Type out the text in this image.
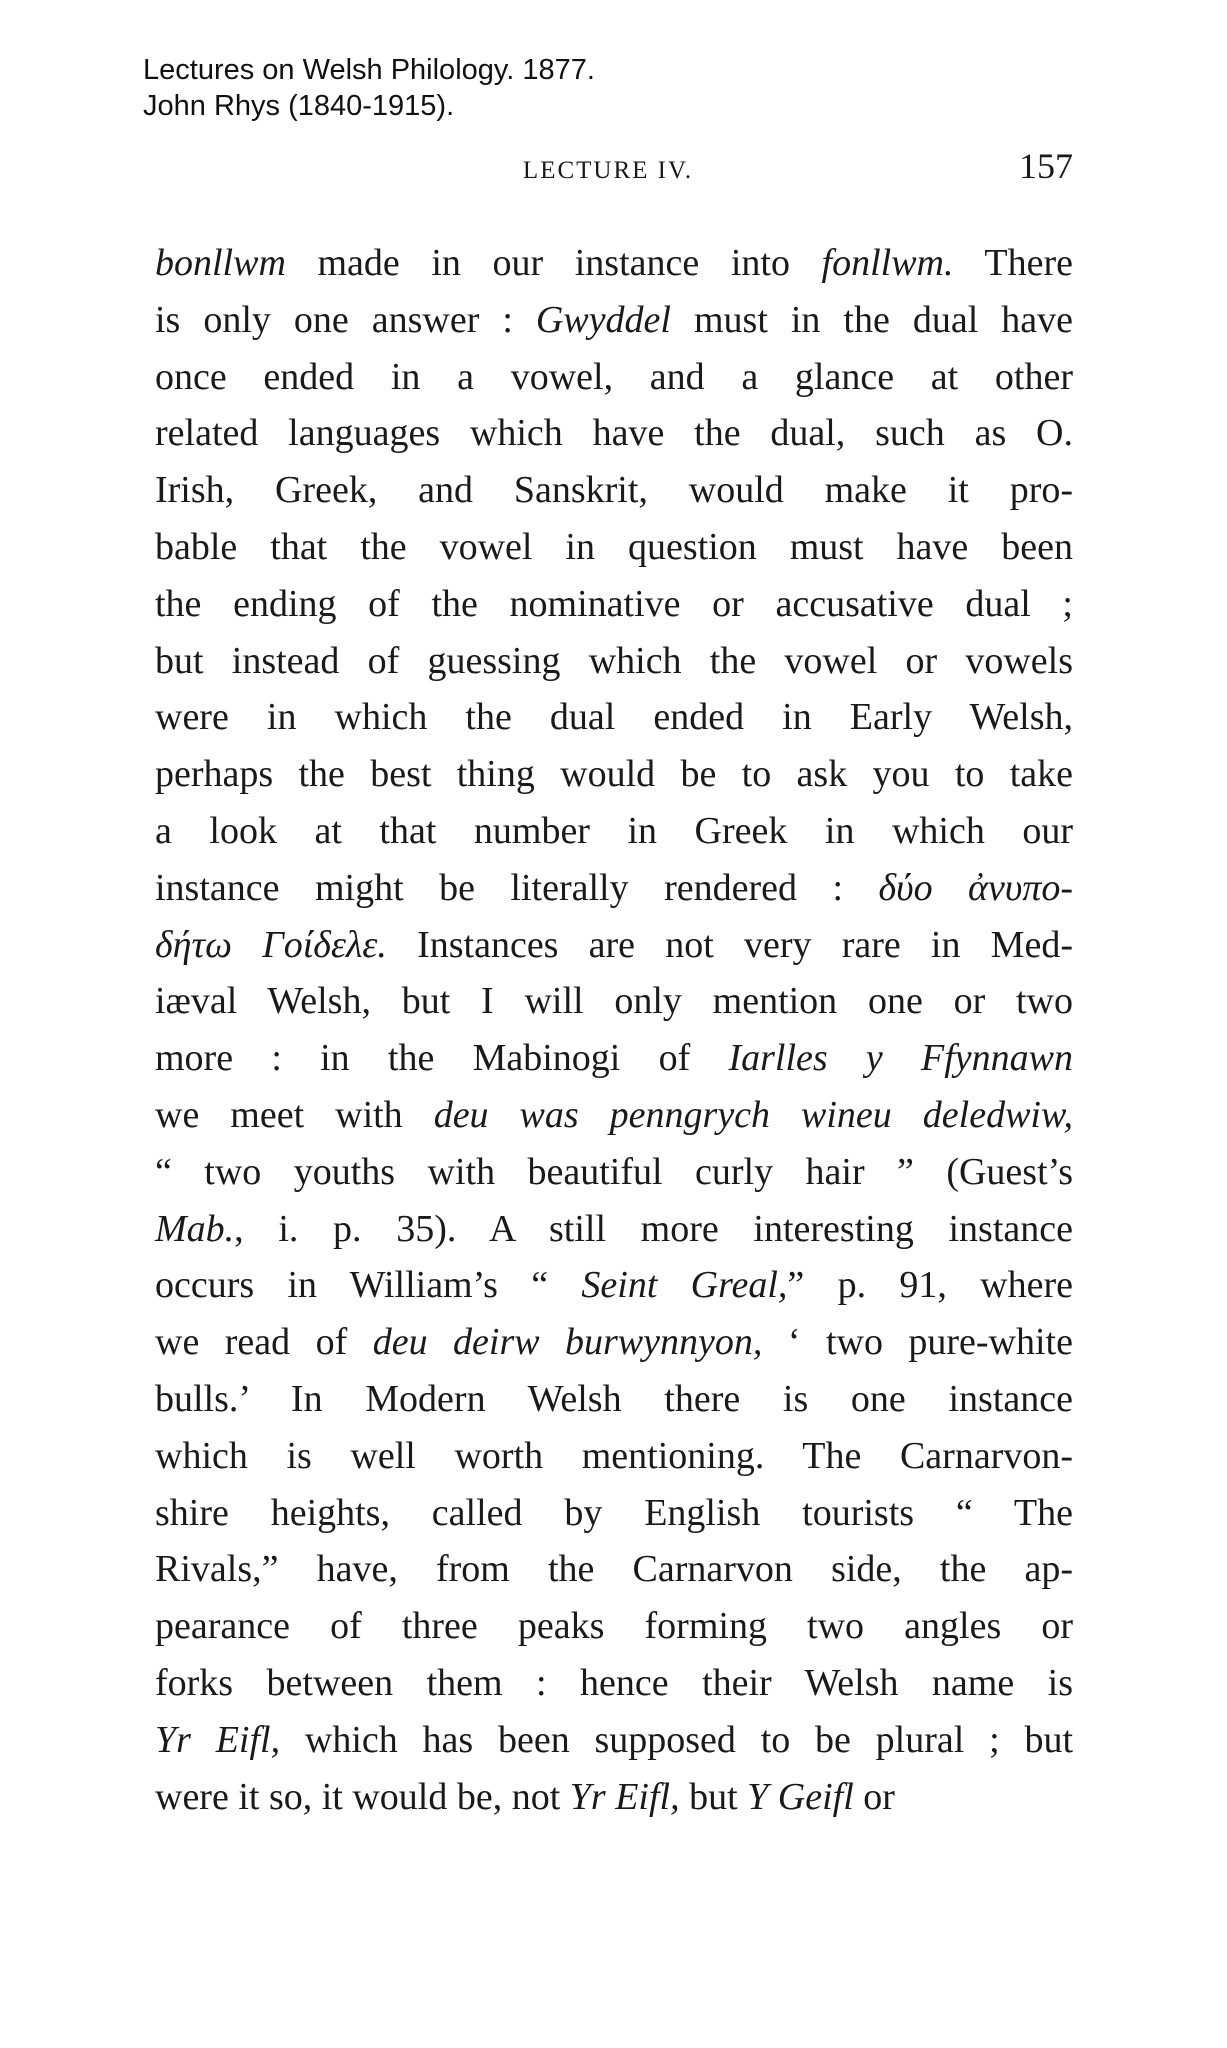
Lectures on Welsh Philology. 1877.
John Rhys (1840-1915).
LECTURE IV.	157
bonllwm made in our instance into fonllwm. There
is only one answer : Gwyddel must in the dual have
once ended in a vowel, and a glance at other
related languages which have the dual, such as O.
Irish, Greek, and Sanskrit, would make it pro-
bable that the vowel in question must have been
the ending of the nominative or accusative dual ;
but instead of guessing which the vowel or vowels
were in which the dual ended in Early Welsh,
perhaps the best thing would be to ask you to take
a look at that number in Greek in which our
instance might be literally rendered : δύο ἀνυπο-
δήτω Γοίδελε. Instances are not very rare in Med-
iæval Welsh, but I will only mention one or two
more : in the Mabinogi of Iarlles y Ffynnawn
we meet with deu was penngrych wineu deledwiw,
“ two youths with beautiful curly hair ” (Guest’s
Mab., i. p. 35). A still more interesting instance
occurs in William’s “ Seint Greal,” p. 91, where
we read of deu deirw burwynnyon, ‘ two pure-white
bulls.’ In Modern Welsh there is one instance
which is well worth mentioning. The Carnarvon-
shire heights, called by English tourists “ The
Rivals,” have, from the Carnarvon side, the ap-
pearance of three peaks forming two angles or
forks between them : hence their Welsh name is
Yr Eifl, which has been supposed to be plural ; but
were it so, it would be, not Yr Eifl, but Y Geifl or
